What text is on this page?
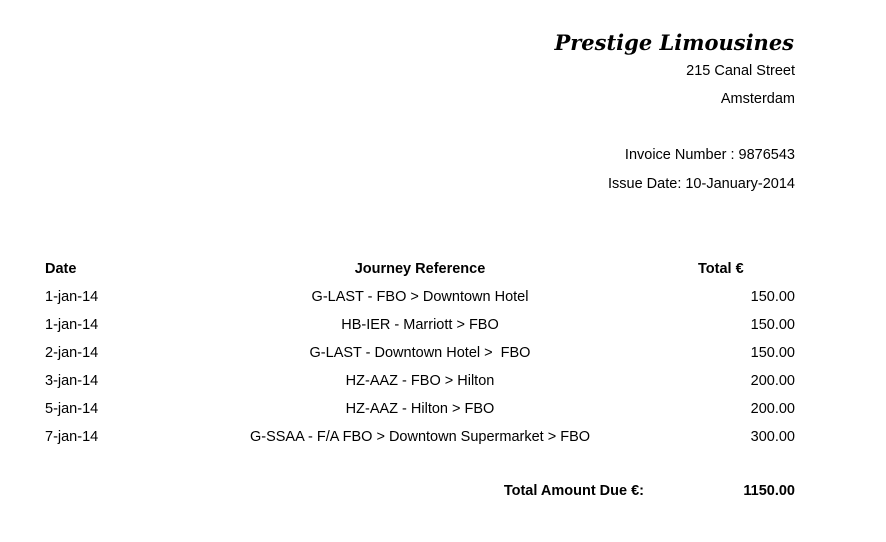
Prestige Limousines
215 Canal Street
Amsterdam
Invoice Number : 9876543
Issue Date: 10-January-2014
Date	Journey Reference	Total €
1-jan-14	G-LAST - FBO > Downtown Hotel	150.00
1-jan-14	HB-IER - Marriott > FBO	150.00
2-jan-14	G-LAST - Downtown Hotel >  FBO	150.00
3-jan-14	HZ-AAZ - FBO > Hilton	200.00
5-jan-14	HZ-AAZ - Hilton > FBO	200.00
7-jan-14	G-SSAA - F/A FBO > Downtown Supermarket > FBO	300.00
Total Amount Due €:	1150.00
